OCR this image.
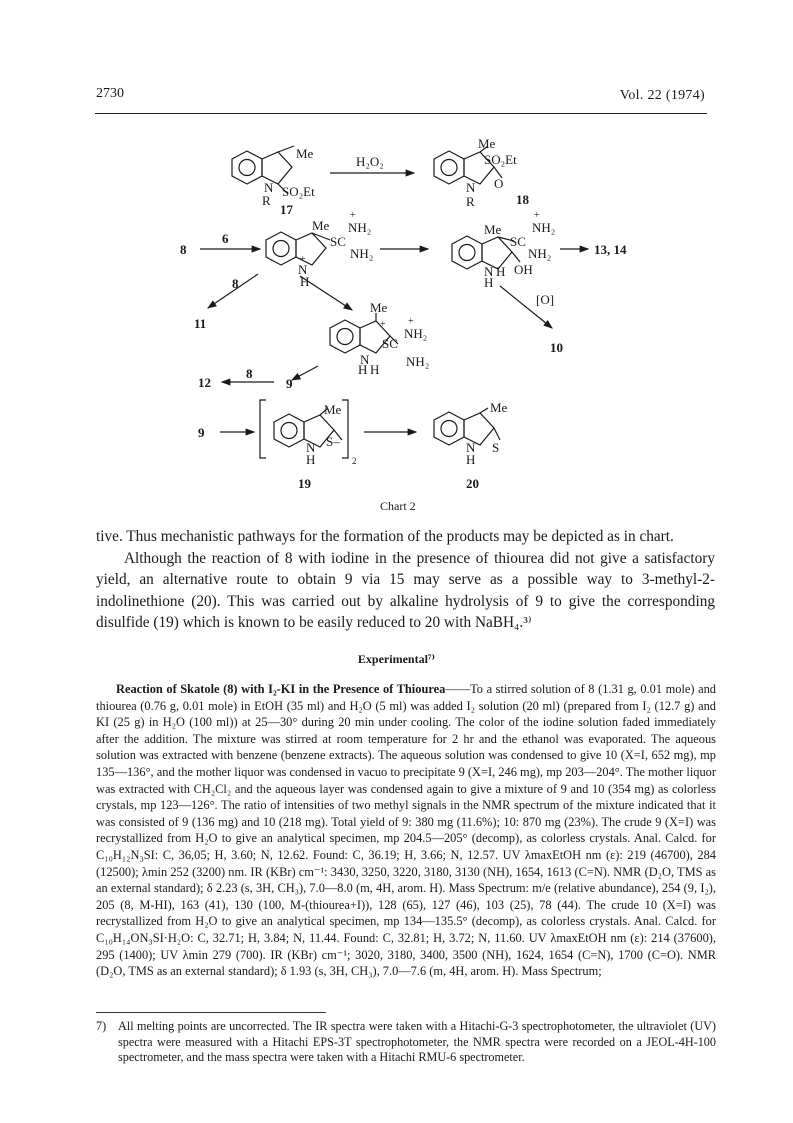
2730	Vol. 22 (1974)
Me
N SO₂Et
R
17
H₂O₂
Me
SO₂Et
N O
R	18
8
6
Me
+
NH₂
SC
NH₂
+
N
H
Me
+
NH₂
SC
NH₂
N H OH
H
13, 14
[O]
10
8
11
Me
+ +
NH₂
SC
NH₂
N
H H
12
8
9
9
Me
N S–
H	2
19
Me
N S
H
20
Chart 2

tive. Thus mechanistic pathways for the formation of the products may be depicted as in chart.

Although the reaction of 8 with iodine in the presence of thiourea did not give a satisfactory yield, an alternative route to obtain 9 via 15 may serve as a possible way to 3-methyl-2-indolinethione (20). This was carried out by alkaline hydrolysis of 9 to give the corresponding disulfide (19) which is known to be easily reduced to 20 with NaBH₄.³⁾

Experimental⁷⁾
Reaction of Skatole (8) with I₂-KI in the Presence of Thiourea——To a stirred solution of 8 (1.31 g, 0.01 mole) and thiourea (0.76 g, 0.01 mole) in EtOH (35 ml) and H₂O (5 ml) was added I₂ solution (20 ml) (prepared from I₂ (12.7 g) and KI (25 g) in H₂O (100 ml)) at 25—30° during 20 min under cooling. The color of the iodine solution faded immediately after the addition. The mixture was stirred at room temperature for 2 hr and the ethanol was evaporated. The aqueous solution was extracted with benzene (benzene extracts). The aqueous solution was condensed to give 10 (X=I, 652 mg), mp 135—136°, and the mother liquor was condensed in vacuo to precipitate 9 (X=I, 246 mg), mp 203—204°. The mother liquor was extracted with CH₂Cl₂ and the aqueous layer was condensed again to give a mixture of 9 and 10 (354 mg) as colorless crystals, mp 123—126°. The ratio of intensities of two methyl signals in the NMR spectrum of the mixture indicated that it was consisted of 9 (136 mg) and 10 (218 mg). Total yield of 9: 380 mg (11.6%); 10: 870 mg (23%). The crude 9 (X=I) was recrystallized from H₂O to give an analytical specimen, mp 204.5—205° (decomp), as colorless crystals. Anal. Calcd. for C₁₀H₁₂N₃SI: C, 36,05; H, 3.60; N, 12.62. Found: C, 36.19; H, 3.66; N, 12.57. UV λmaxEtOH nm (ε): 219 (46700), 284 (12500); λmin 252 (3200) nm. IR (KBr) cm⁻¹: 3430, 3250, 3220, 3180, 3130 (NH), 1654, 1613 (C=N). NMR (D₂O, TMS as an external standard); δ 2.23 (s, 3H, CH₃), 7.0—8.0 (m, 4H, arom. H). Mass Spectrum: m/e (relative abundance), 254 (9, I₂), 205 (8, M-HI), 163 (41), 130 (100, M-(thiourea+I)), 128 (65), 127 (46), 103 (25), 78 (44). The crude 10 (X=I) was recrystallized from H₂O to give an analytical specimen, mp 134—135.5° (decomp), as colorless crystals. Anal. Calcd. for C₁₀H₁₄ON₃SI·H₂O: C, 32.71; H, 3.84; N, 11.44. Found: C, 32.81; H, 3.72; N, 11.60. UV λmaxEtOH nm (ε): 214 (37600), 295 (1400); UV λmin 279 (700). IR (KBr) cm⁻¹; 3020, 3180, 3400, 3500 (NH), 1624, 1654 (C=N), 1700 (C=O). NMR (D₂O, TMS as an external standard); δ 1.93 (s, 3H, CH₃), 7.0—7.6 (m, 4H, arom. H). Mass Spectrum;
7) All melting points are uncorrected. The IR spectra were taken with a Hitachi-G-3 spectrophotometer, the ultraviolet (UV) spectra were measured with a Hitachi EPS-3T spectrophotometer, the NMR spectra were recorded on a JEOL-4H-100 spectrometer, and the mass spectra were taken with a Hitachi RMU-6 spectrometer.
